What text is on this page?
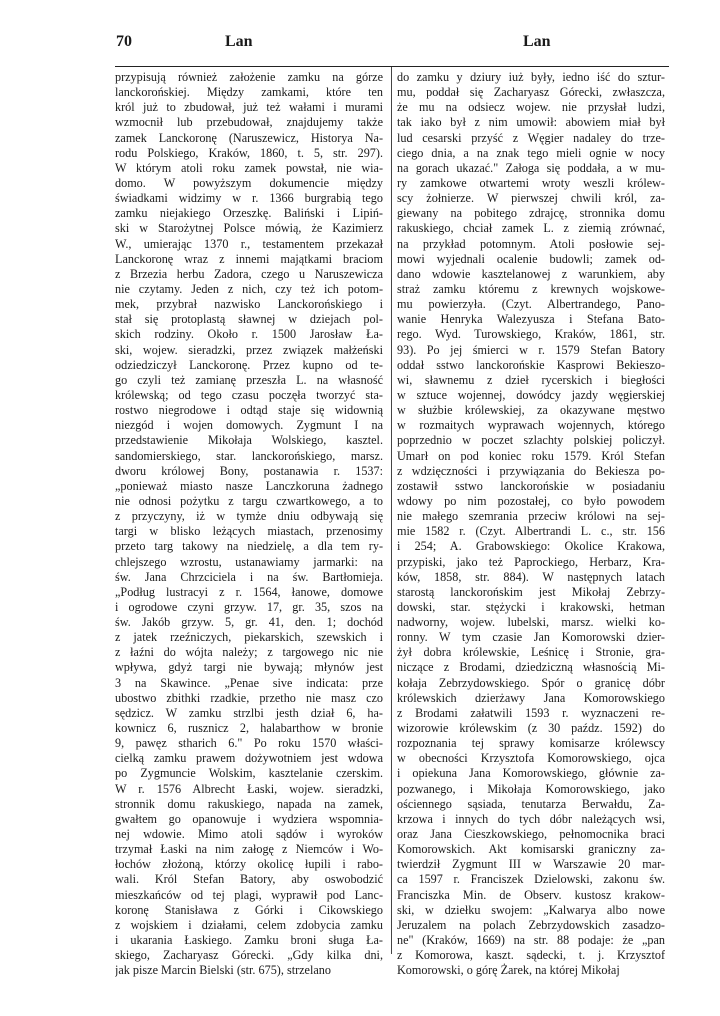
70	Lan	Lan
przypisują również założenie zamku na górze
lanckorońskiej. Między zamkami, które ten
król już to zbudował, już też wałami i murami
wzmocnił lub przebudował, znajdujemy także
zamek Lanckoronę (Naruszewicz, Historya Na-
rodu Polskiego, Kraków, 1860, t. 5, str. 297).
W którym atoli roku zamek powstał, nie wia-
domo. W powyższym dokumencie między
świadkami widzimy w r. 1366 burgrabią tego
zamku niejakiego Orzeszkę. Baliński i Lipiń-
ski w Starożytnej Polsce mówią, że Kazimierz
W., umierając 1370 r., testamentem przekazał
Lanckoronę wraz z innemi majątkami braciom
z Brzezia herbu Zadora, czego u Naruszewicza
nie czytamy. Jeden z nich, czy też ich potom-
mek, przybrał nazwisko Lanckorońskiego i
stał się protoplastą sławnej w dziejach pol-
skich rodziny. Około r. 1500 Jarosław Ła-
ski, wojew. sieradzki, przez związek małżeński
odziedziczył Lanckoronę. Przez kupno od te-
go czyli też zamianę przeszła L. na własność
królewską; od tego czasu poczęła tworzyć sta-
rostwo niegrodowe i odtąd staje się widownią
niezgód i wojen domowych. Zygmunt I na
przedstawienie Mikołaja Wolskiego, kasztel.
sandomierskiego, star. lanckorońskiego, marsz.
dworu królowej Bony, postanawia r. 1537:
„ponieważ miasto nasze Lanczkoruna żadnego
nie odnosi pożytku z targu czwartkowego, a to
z przyczyny, iż w tymże dniu odbywają się
targi w blisko leżących miastach, przenosimy
przeto targ takowy na niedzielę, a dla tem ry-
chlejszego wzrostu, ustanawiamy jarmarki: na
św. Jana Chrzciciela i na św. Bartłomieja.
„Podług lustracyi z r. 1564, łanowe, domowe
i ogrodowe czyni grzyw. 17, gr. 35, szos na
św. Jakób grzyw. 5, gr. 41, den. 1; dochód
z jatek rzeźniczych, piekarskich, szewskich i
z łaźni do wójta należy; z targowego nic nie
wpływa, gdyż targi nie bywają; młynów jest
3 na Skawince. „Penae sive indicata: prze
ubostwo zbithki rzadkie, przetho nie masz czo
sędzicz. W zamku strzlbi jesth dział 6, ha-
kownicz 6, rusznicz 2, halabarthow w bronie
9, pawęz stharich 6." Po roku 1570 właści-
cielką zamku prawem dożywotniem jest wdowa
po Zygmuncie Wolskim, kasztelanie czerskim.
W r. 1576 Albrecht Łaski, wojew. sieradzki,
stronnik domu rakuskiego, napada na zamek,
gwałtem go opanowuje i wydziera wspomnia-
nej wdowie. Mimo atoli sądów i wyroków
trzymał Łaski na nim załogę z Niemców i Wo-
łochów złożoną, którzy okolicę łupili i rabo-
wali. Król Stefan Batory, aby oswobodzić
mieszkańców od tej plagi, wyprawił pod Lanc-
koronę Stanisława z Górki i Cikowskiego
z wojskiem i działami, celem zdobycia zamku
i ukarania Łaskiego. Zamku broni sługa Ła-
skiego, Zacharyasz Górecki. „Gdy kilka dni,
jak pisze Marcin Bielski (str. 675), strzelano
do zamku y dziury iuż były, iedno iść do sztur-
mu, poddał się Zacharyasz Górecki, zwłaszcza,
że mu na odsiecz wojew. nie przysłał ludzi,
tak iako był z nim umowił: abowiem miał był
lud cesarski przyść z Węgier nadaley do trze-
ciego dnia, a na znak tego mieli ognie w nocy
na gorach ukazać." Załoga się poddała, a w mu-
ry zamkowe otwartemi wroty weszli królew-
scy żołnierze. W pierwszej chwili król, za-
giewany na pobitego zdrajcę, stronnika domu
rakuskiego, chciał zamek L. z ziemią zrównać,
na przykład potomnym. Atoli posłowie sej-
mowi wyjednali ocalenie budowli; zamek od-
dano wdowie kasztelanowej z warunkiem, aby
straż zamku któremu z krewnych wojskowe-
mu powierzyła. (Czyt. Albertrandego, Pano-
wanie Henryka Walezyusza i Stefana Bato-
rego. Wyd. Turowskiego, Kraków, 1861, str.
93). Po jej śmierci w r. 1579 Stefan Batory
oddał sstwo lanckorońskie Kasprowi Bekieszo-
wi, sławnemu z dzieł rycerskich i biegłości
w sztuce wojennej, dowódcy jazdy węgierskiej
w służbie królewskiej, za okazywane męstwo
w rozmaitych wyprawach wojennych, którego
poprzednio w poczet szlachty polskiej policzył.
Umarł on pod koniec roku 1579. Król Stefan
z wdzięczności i przywiązania do Bekiesza po-
zostawił sstwo lanckorońskie w posiadaniu
wdowy po nim pozostałej, co było powodem
nie małego szemrania przeciw królowi na sej-
mie 1582 r. (Czyt. Albertrandi L. c., str. 156
i 254; A. Grabowskiego: Okolice Krakowa,
przypiski, jako też Paprockiego, Herbarz, Kra-
ków, 1858, str. 884). W następnych latach
starostą lanckorońskim jest Mikołaj Zebrzy-
dowski, star. stężycki i krakowski, hetman
nadworny, wojew. lubelski, marsz. wielki ko-
ronny. W tym czasie Jan Komorowski dzier-
żył dobra królewskie, Leśnicę i Stronie, gra-
niczące z Brodami, dziedziczną własnością Mi-
kołaja Zebrzydowskiego. Spór o granicę dóbr
królewskich dzierżawy Jana Komorowskiego
z Brodami załatwili 1593 r. wyznaczeni re-
wizorowie królewskim (z 30 paźdz. 1592) do
rozpoznania tej sprawy komisarze królewscy
w obecności Krzysztofa Komorowskiego, ojca
i opiekuna Jana Komorowskiego, głównie za-
pozwanego, i Mikołaja Komorowskiego, jako
ościennego sąsiada, tenutarza Berwałdu, Za-
krzowa i innych do tych dóbr należących wsi,
oraz Jana Cieszkowskiego, pełnomocnika braci
Komorowskich. Akt komisarski graniczny za-
twierdził Zygmunt III w Warszawie 20 mar-
ca 1597 r. Franciszek Dzielowski, zakonu św.
Franciszka Min. de Observ. kustosz krakow-
ski, w dziełku swojem: „Kalwarya albo nowe
Jeruzalem na polach Zebrzydowskich zasadzo-
ne" (Kraków, 1669) na str. 88 podaje: że „pan
z Komorowa, kaszt. sądecki, t. j. Krzysztof
Komorowski, o górę Żarek, na której Mikołaj
